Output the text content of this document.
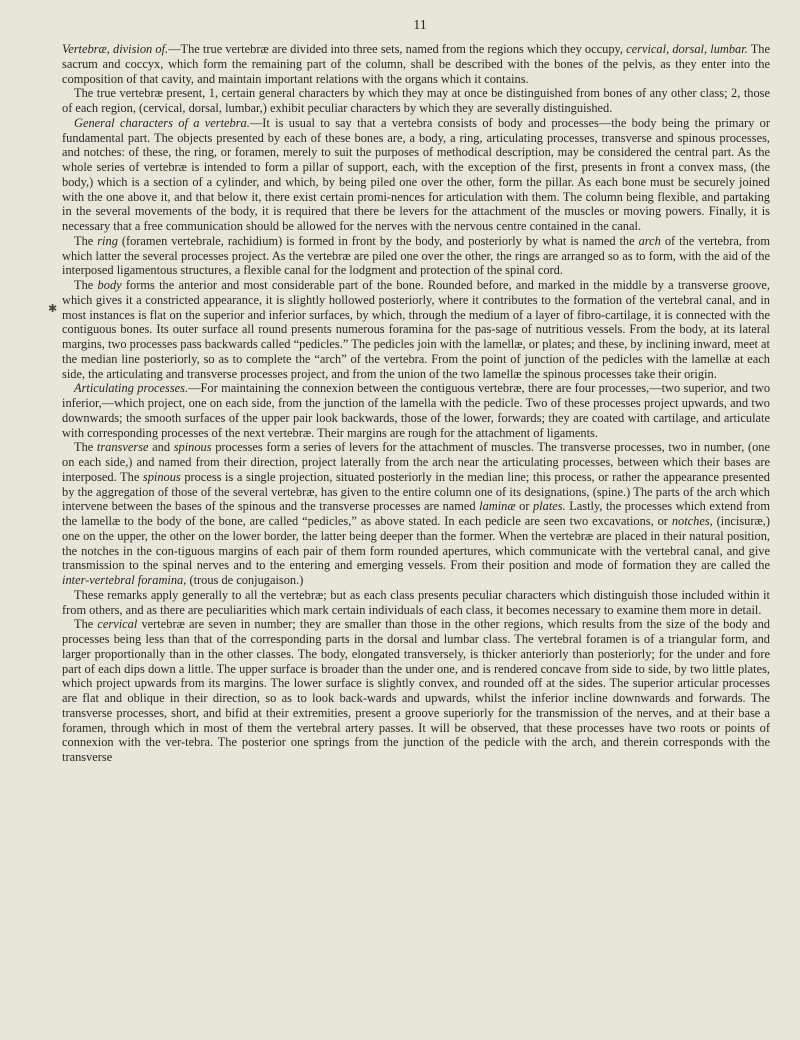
11

Vertebræ, division of.—The true vertebræ are divided into three sets, named from the regions which they occupy, cervical, dorsal, lumbar. The sacrum and coccyx, which form the remaining part of the column, shall be described with the bones of the pelvis, as they enter into the composition of that cavity, and maintain important relations with the organs which it contains.

The true vertebræ present, 1, certain general characters by which they may at once be distinguished from bones of any other class; 2, those of each region, (cervical, dorsal, lumbar,) exhibit peculiar characters by which they are severally distinguished.

General characters of a vertebra.—It is usual to say that a vertebra consists of body and processes—the body being the primary or fundamental part. The objects presented by each of these bones are, a body, a ring, articulating processes, transverse and spinous processes, and notches: of these, the ring, or foramen, merely to suit the purposes of methodical description, may be considered the central part. As the whole series of vertebræ is intended to form a pillar of support, each, with the exception of the first, presents in front a convex mass, (the body,) which is a section of a cylinder, and which, by being piled one over the other, form the pillar. As each bone must be securely joined with the one above it, and that below it, there exist certain promi-nences for articulation with them. The column being flexible, and partaking in the several movements of the body, it is required that there be levers for the attachment of the muscles or moving powers. Finally, it is necessary that a free communication should be allowed for the nerves with the nervous centre contained in the canal.

The ring (foramen vertebrale, rachidium) is formed in front by the body, and posteriorly by what is named the arch of the vertebra, from which latter the several processes project. As the vertebræ are piled one over the other, the rings are arranged so as to form, with the aid of the interposed ligamentous structures, a flexible canal for the lodgment and protection of the spinal cord.

The body forms the anterior and most considerable part of the bone. Rounded before, and marked in the middle by a transverse groove, which gives it a constricted appearance, it is slightly hollowed posteriorly, where it contributes to the formation of the vertebral canal, and in most instances is flat on the superior and inferior surfaces, by which, through the medium of a layer of fibro-cartilage, it is connected with the contiguous bones. Its outer surface all round presents numerous foramina for the pas-sage of nutritious vessels. From the body, at its lateral margins, two processes pass backwards called “pedicles.” The pedicles join with the lamellæ, or plates; and these, by inclining inward, meet at the median line posteriorly, so as to complete the “arch” of the vertebra. From the point of junction of the pedicles with the lamellæ at each side, the articulating and transverse processes project, and from the union of the two lamellæ the spinous processes take their origin.

Articulating processes.—For maintaining the connexion between the contiguous vertebræ, there are four processes,—two superior, and two inferior,—which project, one on each side, from the junction of the lamella with the pedicle. Two of these processes project upwards, and two downwards; the smooth surfaces of the upper pair look backwards, those of the lower, forwards; they are coated with cartilage, and articulate with corresponding processes of the next vertebræ. Their margins are rough for the attachment of ligaments.

The transverse and spinous processes form a series of levers for the attachment of muscles. The transverse processes, two in number, (one on each side,) and named from their direction, project laterally from the arch near the articulating processes, between which their bases are interposed. The spinous process is a single projection, situated posteriorly in the median line; this process, or rather the appearance presented by the aggregation of those of the several vertebræ, has given to the entire column one of its designations, (spine.) The parts of the arch which intervene between the bases of the spinous and the transverse processes are named laminæ or plates. Lastly, the processes which extend from the lamellæ to the body of the bone, are called “pedicles,” as above stated. In each pedicle are seen two excavations, or notches, (incisuræ,) one on the upper, the other on the lower border, the latter being deeper than the former. When the vertebræ are placed in their natural position, the notches in the con-tiguous margins of each pair of them form rounded apertures, which communicate with the vertebral canal, and give transmission to the spinal nerves and to the entering and emerging vessels. From their position and mode of formation they are called the inter-vertebral foramina, (trous de conjugaison.)

These remarks apply generally to all the vertebræ; but as each class presents peculiar characters which distinguish those included within it from others, and as there are peculiarities which mark certain individuals of each class, it becomes necessary to examine them more in detail.

The cervical vertebræ are seven in number; they are smaller than those in the other regions, which results from the size of the body and processes being less than that of the corresponding parts in the dorsal and lumbar class. The vertebral foramen is of a triangular form, and larger proportionally than in the other classes. The body, elongated transversely, is thicker anteriorly than posteriorly; for the under and fore part of each dips down a little. The upper surface is broader than the under one, and is rendered concave from side to side, by two little plates, which project upwards from its margins. The lower surface is slightly convex, and rounded off at the sides. The superior articular processes are flat and oblique in their direction, so as to look back-wards and upwards, whilst the inferior incline downwards and forwards. The transverse processes, short, and bifid at their extremities, present a groove superiorly for the transmission of the nerves, and at their base a foramen, through which in most of them the vertebral artery passes. It will be observed, that these processes have two roots or points of connexion with the ver-tebra. The posterior one springs from the junction of the pedicle with the arch, and therein corresponds with the transverse

✱
